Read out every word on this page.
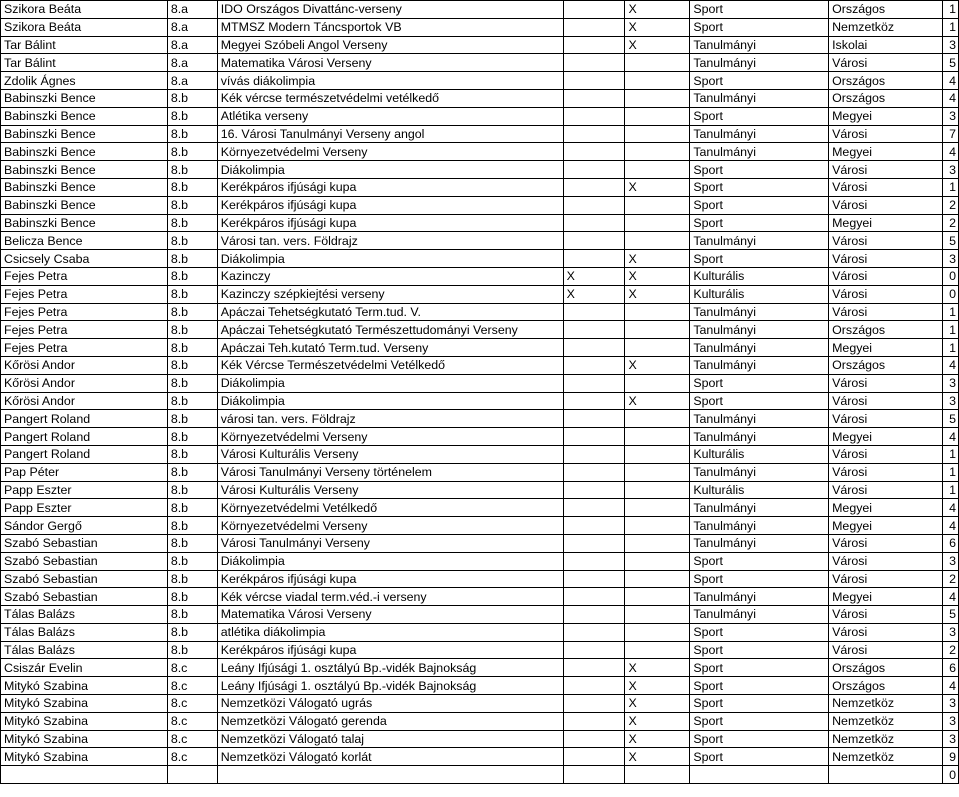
Szikora Beáta	8.a	IDO Országos Divattánc-verseny		X	Sport	Országos	1
Szikora Beáta	8.a	MTMSZ Modern Táncsportok VB		X	Sport	Nemzetköz	1
Tar Bálint	8.a	Megyei Szóbeli Angol Verseny		X	Tanulmányi	Iskolai	3
Tar Bálint	8.a	Matematika Városi Verseny			Tanulmányi	Városi	5
Zdolik Ágnes	8.a	vívás diákolimpia			Sport	Országos	4
Babinszki Bence	8.b	Kék vércse természetvédelmi vetélkedő			Tanulmányi	Országos	4
Babinszki Bence	8.b	Atlétika verseny			Sport	Megyei	3
Babinszki Bence	8.b	16. Városi Tanulmányi Verseny angol			Tanulmányi	Városi	7
Babinszki Bence	8.b	Környezetvédelmi Verseny			Tanulmányi	Megyei	4
Babinszki Bence	8.b	Diákolimpia			Sport	Városi	3
Babinszki Bence	8.b	Kerékpáros ifjúsági kupa		X	Sport	Városi	1
Babinszki Bence	8.b	Kerékpáros ifjúsági kupa			Sport	Városi	2
Babinszki Bence	8.b	Kerékpáros ifjúsági kupa			Sport	Megyei	2
Belicza Bence	8.b	Városi tan. vers. Földrajz			Tanulmányi	Városi	5
Csicsely Csaba	8.b	Diákolimpia		X	Sport	Városi	3
Fejes Petra	8.b	Kazinczy	X	X	Kulturális	Városi	0
Fejes Petra	8.b	Kazinczy szépkiejtési verseny	X	X	Kulturális	Városi	0
Fejes Petra	8.b	Apáczai Tehetségkutató Term.tud. V.			Tanulmányi	Városi	1
Fejes Petra	8.b	Apáczai Tehetségkutató Természettudományi Verseny			Tanulmányi	Országos	1
Fejes Petra	8.b	Apáczai Teh.kutató Term.tud. Verseny			Tanulmányi	Megyei	1
Kőrösi Andor	8.b	Kék Vércse Természetvédelmi Vetélkedő		X	Tanulmányi	Országos	4
Kőrösi Andor	8.b	Diákolimpia			Sport	Városi	3
Kőrösi Andor	8.b	Diákolimpia		X	Sport	Városi	3
Pangert Roland	8.b	városi tan. vers. Földrajz			Tanulmányi	Városi	5
Pangert Roland	8.b	Környezetvédelmi Verseny			Tanulmányi	Megyei	4
Pangert Roland	8.b	Városi Kulturális Verseny			Kulturális	Városi	1
Pap Péter	8.b	Városi Tanulmányi Verseny történelem			Tanulmányi	Városi	1
Papp Eszter	8.b	Városi Kulturális Verseny			Kulturális	Városi	1
Papp Eszter	8.b	Környezetvédelmi Vetélkedő			Tanulmányi	Megyei	4
Sándor Gergő	8.b	Környezetvédelmi Verseny			Tanulmányi	Megyei	4
Szabó Sebastian	8.b	Városi Tanulmányi Verseny			Tanulmányi	Városi	6
Szabó Sebastian	8.b	Diákolimpia			Sport	Városi	3
Szabó Sebastian	8.b	Kerékpáros ifjúsági kupa			Sport	Városi	2
Szabó Sebastian	8.b	Kék vércse viadal term.véd.-i verseny			Tanulmányi	Megyei	4
Tálas Balázs	8.b	Matematika Városi Verseny			Tanulmányi	Városi	5
Tálas Balázs	8.b	atlétika diákolimpia			Sport	Városi	3
Tálas Balázs	8.b	Kerékpáros ifjúsági kupa			Sport	Városi	2
Csiszár Evelin	8.c	Leány Ifjúsági 1. osztályú Bp.-vidék Bajnokság		X	Sport	Országos	6
Mitykó Szabina	8.c	Leány Ifjúsági 1. osztályú Bp.-vidék Bajnokság		X	Sport	Országos	4
Mitykó Szabina	8.c	Nemzetközi Válogató ugrás		X	Sport	Nemzetköz	3
Mitykó Szabina	8.c	Nemzetközi Válogató gerenda		X	Sport	Nemzetköz	3
Mitykó Szabina	8.c	Nemzetközi Válogató talaj		X	Sport	Nemzetköz	3
Mitykó Szabina	8.c	Nemzetközi Válogató korlát		X	Sport	Nemzetköz	9
							0
